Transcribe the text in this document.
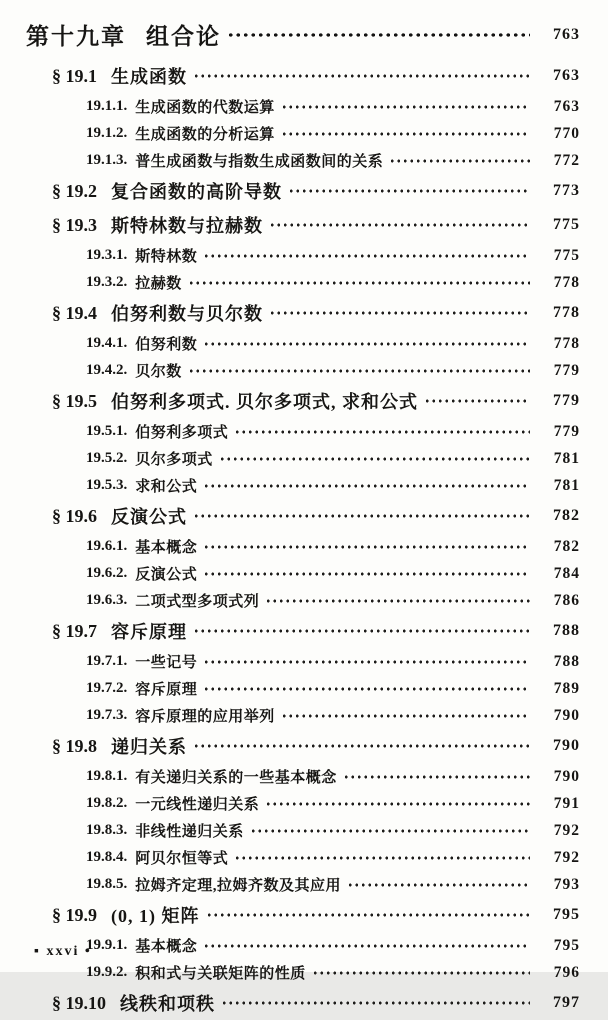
第十九章 组合论	763
§ 19.1 生成函数	763
19.1.1. 生成函数的代数运算	763
19.1.2. 生成函数的分析运算	770
19.1.3. 普生成函数与指数生成函数间的关系	772
§ 19.2 复合函数的高阶导数	773
§ 19.3 斯特林数与拉赫数	775
19.3.1. 斯特林数	775
19.3.2. 拉赫数	778
§ 19.4 伯努利数与贝尔数	778
19.4.1. 伯努利数	778
19.4.2. 贝尔数	779
§ 19.5 伯努利多项式. 贝尔多项式, 求和公式	779
19.5.1. 伯努利多项式	779
19.5.2. 贝尔多项式	781
19.5.3. 求和公式	781
§ 19.6 反演公式	782
19.6.1. 基本概念	782
19.6.2. 反演公式	784
19.6.3. 二项式型多项式列	786
§ 19.7 容斥原理	788
19.7.1. 一些记号	788
19.7.2. 容斥原理	789
19.7.3. 容斥原理的应用举列	790
§ 19.8 递归关系	790
19.8.1. 有关递归关系的一些基本概念	790
19.8.2. 一元线性递归关系	791
19.8.3. 非线性递归关系	792
19.8.4. 阿贝尔恒等式	792
19.8.5. 拉姆齐定理,拉姆齐数及其应用	793
§ 19.9 (0, 1) 矩阵	795
19.9.1. 基本概念	795
19.9.2. 积和式与关联矩阵的性质	796
§ 19.10 线秩和项秩	797
▪ xxvi •
